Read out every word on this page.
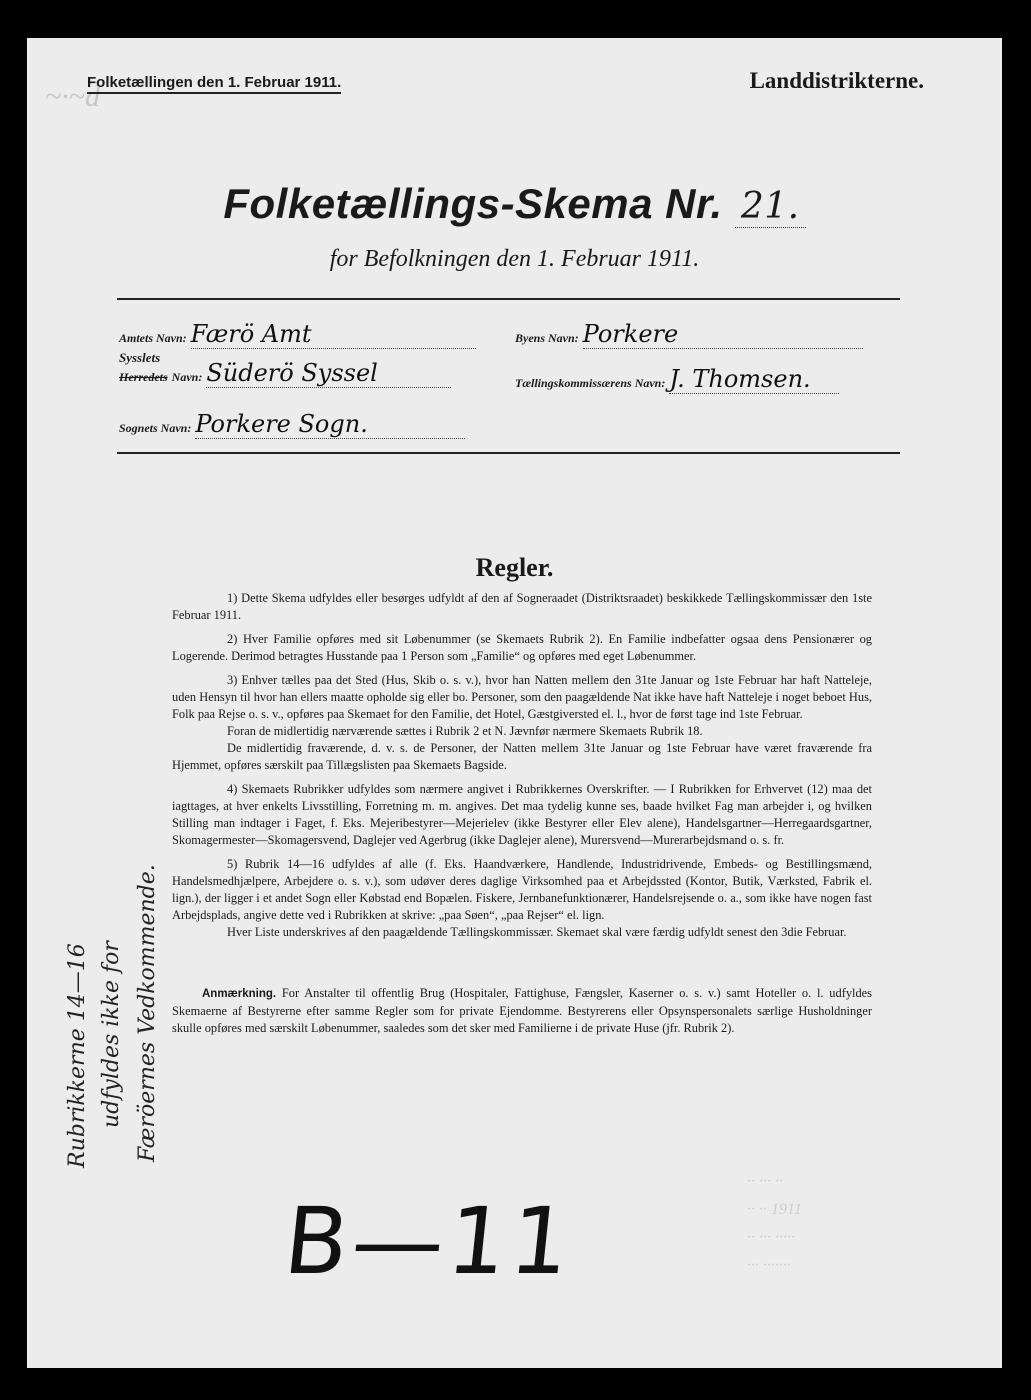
~·~d
Folketællingen den 1. Februar 1911.	Landdistrikterne.
Folketællings-Skema Nr. 21.
for Befolkningen den 1. Februar 1911.
Amtets Navn: Færö Amt
Sysslets
Herredets Navn: Süderö Syssel
Sognets Navn: Porkere Sogn.
Byens Navn: Porkere
Tællingskommissærens Navn: J. Thomsen.
Regler.

1) Dette Skema udfyldes eller besørges udfyldt af den af Sogneraadet (Distriktsraadet) beskikkede Tællingskommissær den 1ste Februar 1911.

2) Hver Familie opføres med sit Løbenummer (se Skemaets Rubrik 2). En Familie indbefatter ogsaa dens Pensionærer og Logerende. Derimod betragtes Husstande paa 1 Person som „Familie“ og opføres med eget Løbenummer.

3) Enhver tælles paa det Sted (Hus, Skib o. s. v.), hvor han Natten mellem den 31te Januar og 1ste Februar har haft Natteleje, uden Hensyn til hvor han ellers maatte opholde sig eller bo. Personer, som den paagældende Nat ikke have haft Natteleje i noget beboet Hus, Folk paa Rejse o. s. v., opføres paa Skemaet for den Familie, det Hotel, Gæstgiversted el. l., hvor de først tage ind 1ste Februar.

Foran de midlertidig nærværende sættes i Rubrik 2 et N. Jævnfør nærmere Skemaets Rubrik 18.

De midlertidig fraværende, d. v. s. de Personer, der Natten mellem 31te Januar og 1ste Februar have været fraværende fra Hjemmet, opføres særskilt paa Tillægslisten paa Skemaets Bagside.

4) Skemaets Rubrikker udfyldes som nærmere angivet i Rubrikkernes Overskrifter. — I Rubrikken for Erhvervet (12) maa det iagttages, at hver enkelts Livsstilling, Forretning m. m. angives. Det maa tydelig kunne ses, baade hvilket Fag man arbejder i, og hvilken Stilling man indtager i Faget, f. Eks. Mejeribestyrer—Mejerielev (ikke Bestyrer eller Elev alene), Handelsgartner—Herregaardsgartner, Skomagermester—Skomagersvend, Daglejer ved Agerbrug (ikke Daglejer alene), Murersvend—Murerarbejdsmand o. s. fr.

5) Rubrik 14—16 udfyldes af alle (f. Eks. Haandværkere, Handlende, Industridrivende, Embeds- og Bestillingsmænd, Handelsmedhjælpere, Arbejdere o. s. v.), som udøver deres daglige Virksomhed paa et Arbejdssted (Kontor, Butik, Værksted, Fabrik el. lign.), der ligger i et andet Sogn eller Købstad end Bopælen. Fiskere, Jernbanefunktionærer, Handelsrejsende o. a., som ikke have nogen fast Arbejdsplads, angive dette ved i Rubrikken at skrive: „paa Søen“, „paa Rejser“ el. lign.

Hver Liste underskrives af den paagældende Tællingskommissær. Skemaet skal være færdig udfyldt senest den 3die Februar.

Anmærkning. For Anstalter til offentlig Brug (Hospitaler, Fattighuse, Fængsler, Kaserner o. s. v.) samt Hoteller o. l. udfyldes Skemaerne af Bestyrerne efter samme Regler som for private Ejendomme. Bestyrerens eller Opsynspersonalets særlige Husholdninger skulle opføres med særskilt Løbenummer, saaledes som det sker med Familierne i de private Huse (jfr. Rubrik 2).

Rubrikkerne 14—16 udfyldes ikke for Færöernes Vedkommende.
·· ··· ··
·· ·· 1911
·· ··· ·····
··· ·······
B—11
